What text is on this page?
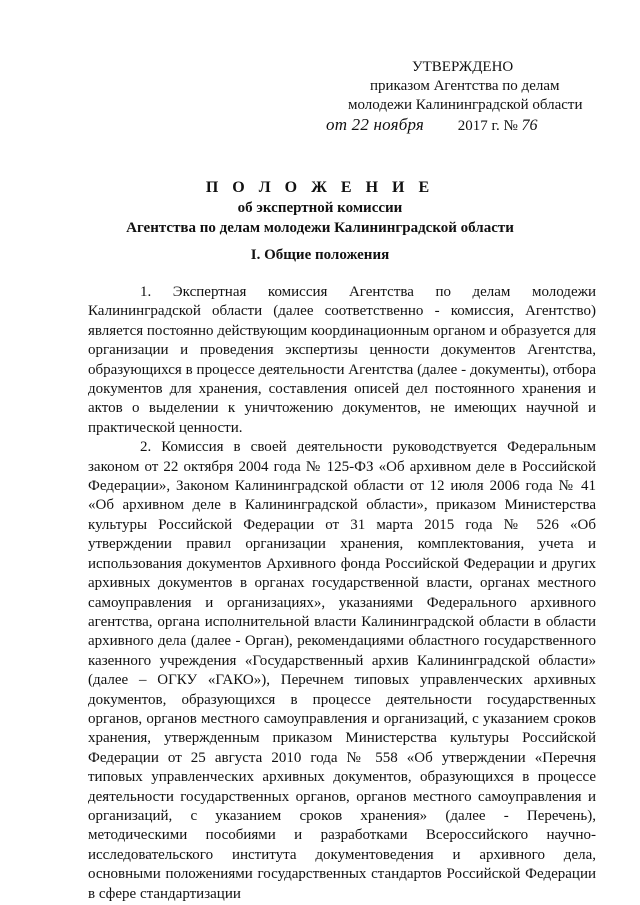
УТВЕРЖДЕНО
приказом Агентства по делам
молодежи Калининградской области
от 22 ноября 2017 г. № 76
П О Л О Ж Е Н И Е
об экспертной комиссии
Агентства по делам молодежи Калининградской области
I. Общие положения

1. Экспертная комиссия Агентства по делам молодежи Калининградской области (далее соответственно - комиссия, Агентство) является постоянно действующим координационным органом и образуется для организации и проведения экспертизы ценности документов Агентства, образующихся в процессе деятельности Агентства (далее - документы), отбора документов для хранения, составления описей дел постоянного хранения и актов о выделении к уничтожению документов, не имеющих научной и практической ценности.

2. Комиссия в своей деятельности руководствуется Федеральным законом от 22 октября 2004 года № 125-ФЗ «Об архивном деле в Российской Федерации», Законом Калининградской области от 12 июля 2006 года № 41 «Об архивном деле в Калининградской области», приказом Министерства культуры Российской Федерации от 31 марта 2015 года № 526 «Об утверждении правил организации хранения, комплектования, учета и использования документов Архивного фонда Российской Федерации и других архивных документов в органах государственной власти, органах местного самоуправления и организациях», указаниями Федерального архивного агентства, органа исполнительной власти Калининградской области в области архивного дела (далее - Орган), рекомендациями областного государственного казенного учреждения «Государственный архив Калининградской области» (далее – ОГКУ «ГАКО»), Перечнем типовых управленческих архивных документов, образующихся в процессе деятельности государственных органов, органов местного самоуправления и организаций, с указанием сроков хранения, утвержденным приказом Министерства культуры Российской Федерации от 25 августа 2010 года № 558 «Об утверждении «Перечня типовых управленческих архивных документов, образующихся в процессе деятельности государственных органов, органов местного самоуправления и организаций, с указанием сроков хранения» (далее - Перечень), методическими пособиями и разработками Всероссийского научно-исследовательского института документоведения и архивного дела, основными положениями государственных стандартов Российской Федерации в сфере стандартизации
